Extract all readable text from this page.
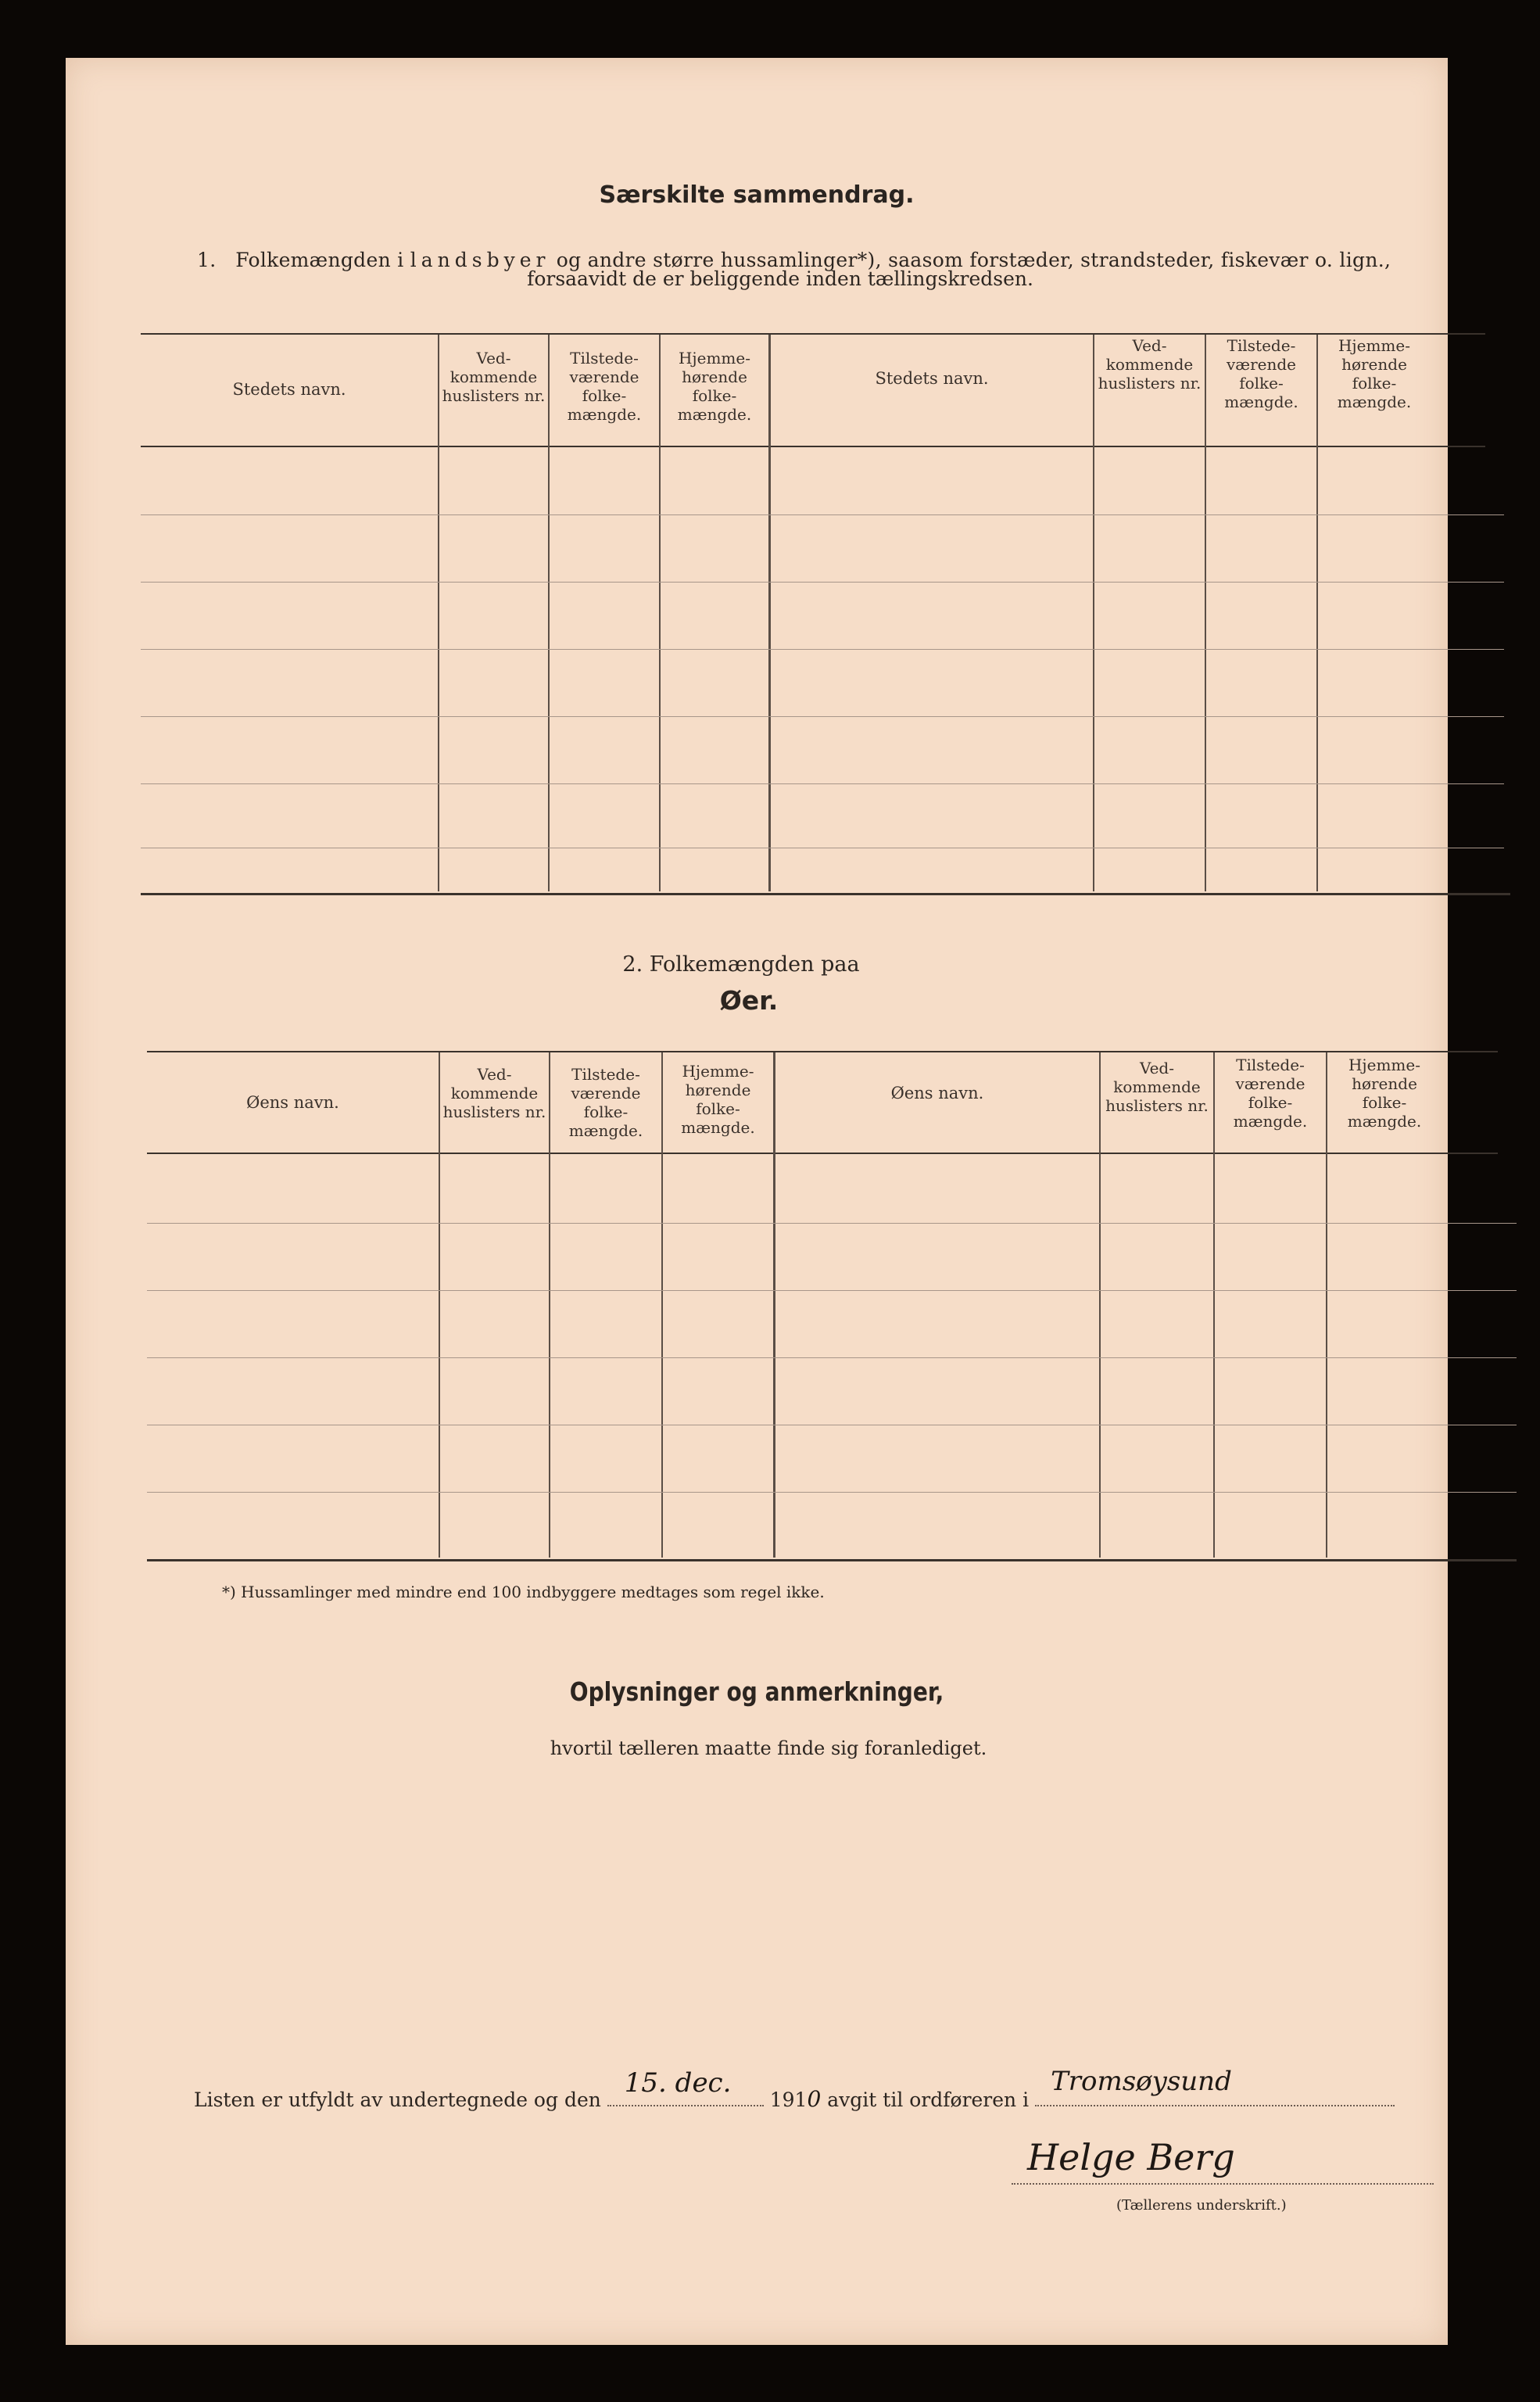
Særskilte sammendrag.
1. Folkemængden i landsbyer og andre større hussamlinger*), saasom forstæder, strandsteder, fiskevær o. lign.,
forsaavidt de er beliggende inden tællingskredsen.
Stedets navn.
Ved-kommende huslisters nr.
Tilstede-værende folke-mængde.
Hjemme-hørende folke-mængde.
Stedets navn.
Ved-kommende huslisters nr.
Tilstede-værende folke-mængde.
Hjemme-hørende folke-mængde.
2. Folkemængden paa
Øer.
Øens navn.
Ved-kommende huslisters nr.
Tilstede-værende folke-mængde.
Hjemme-hørende folke-mængde.
Øens navn.
Ved-kommende huslisters nr.
Tilstede-værende folke-mængde.
Hjemme-hørende folke-mængde.
*) Hussamlinger med mindre end 100 indbyggere medtages som regel ikke.
Oplysninger og anmerkninger,
hvortil tælleren maatte finde sig foranlediget.
Listen er utfyldt av undertegnede og den
15. dec.
1910 avgit til ordføreren i
Tromsøysund
Helge Berg
(Tællerens underskrift.)
